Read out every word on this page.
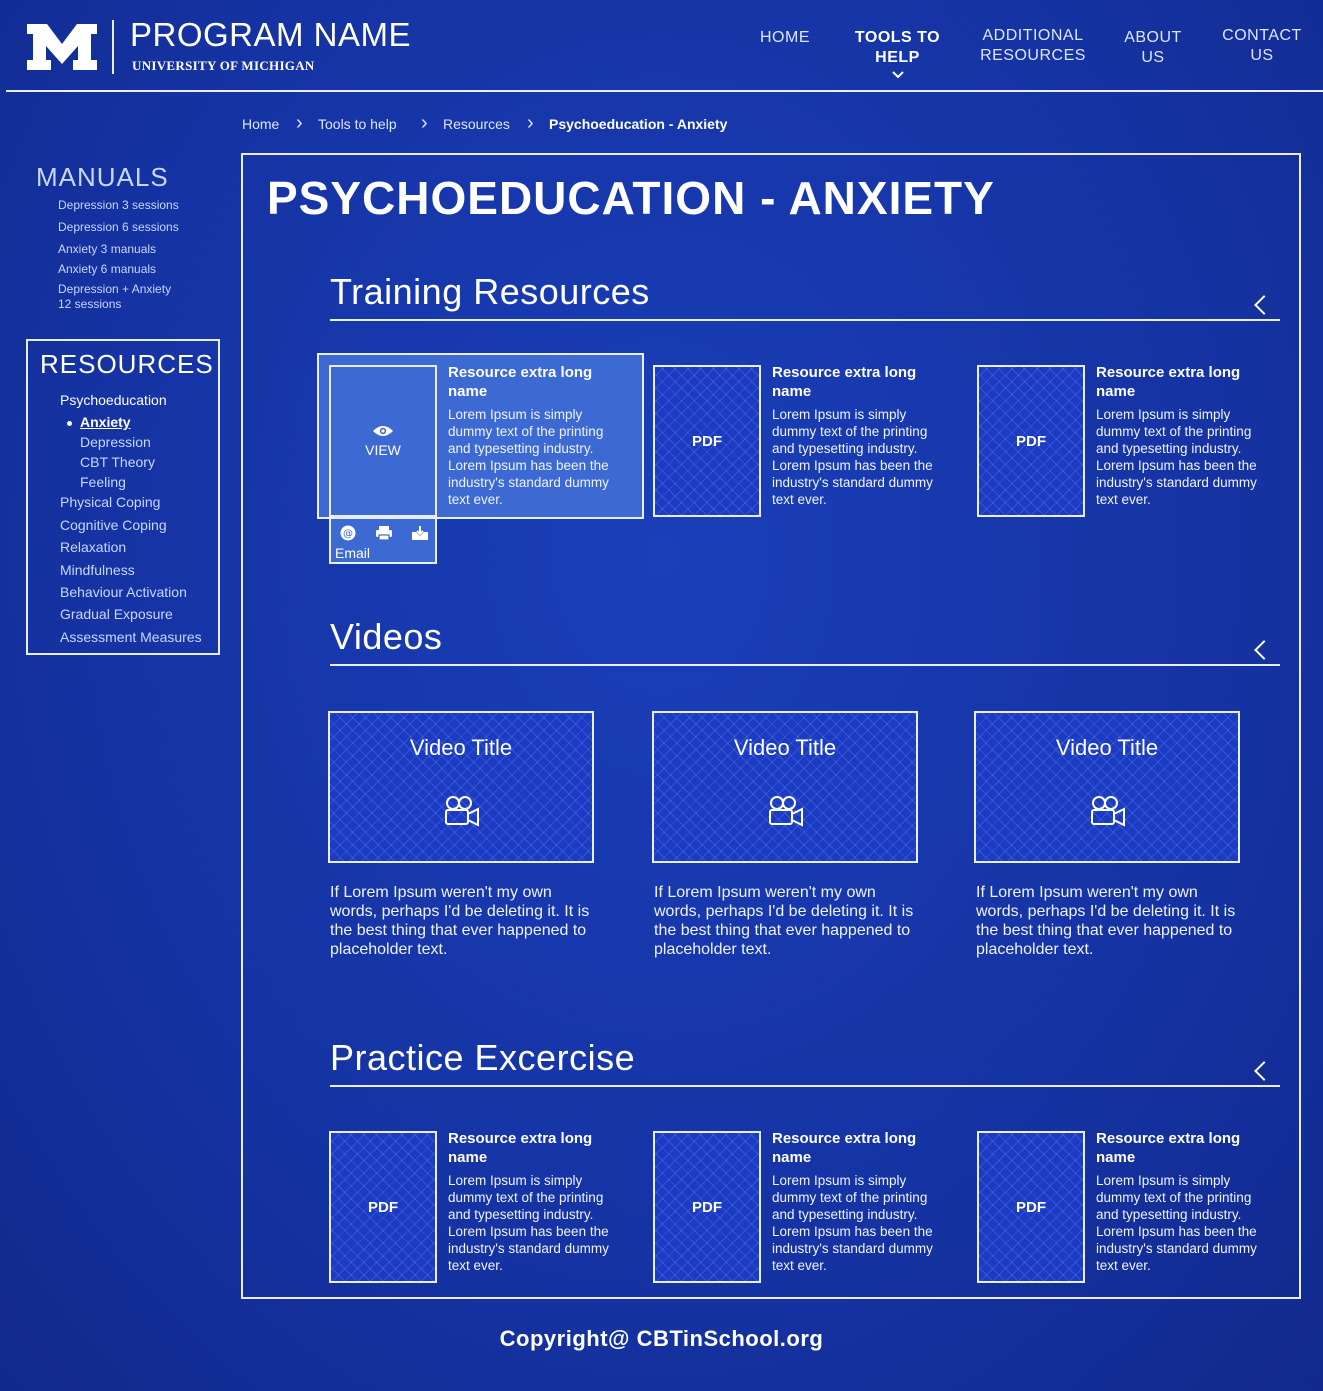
PROGRAM NAME
UNIVERSITY OF MICHIGAN
HOME	TOOLS TO
HELP
ADDITIONAL
RESOURCES
ABOUT
US
CONTACT
US
Home › Tools to help › Resources › Psychoeducation - Anxiety
MANUALS
Depression 3 sessions
Depression 6 sessions
Anxiety 3 manuals
Anxiety 6 manuals
Depression + Anxiety
12 sessions
RESOURCES
Psychoeducation
Anxiety
Depression
CBT Theory
Feeling
Physical Coping
Cognitive Coping
Relaxation
Mindfulness
Behaviour Activation
Gradual Exposure
Assessment Measures
PSYCHOEDUCATION - ANXIETY
Training Resources
VIEW
@
Email
Resource extra long name
Lorem Ipsum is simply dummy text of the printing and typesetting industry. Lorem Ipsum has been the industry's standard dummy text ever.
PDF
Resource extra long name
Lorem Ipsum is simply dummy text of the printing and typesetting industry. Lorem Ipsum has been the industry's standard dummy text ever.
PDF
Resource extra long name
Lorem Ipsum is simply dummy text of the printing and typesetting industry. Lorem Ipsum has been the industry's standard dummy text ever.
Videos
Video Title
If Lorem Ipsum weren't my own words, perhaps I'd be deleting it. It is the best thing that ever happened to placeholder text.
Video Title
If Lorem Ipsum weren't my own words, perhaps I'd be deleting it. It is the best thing that ever happened to placeholder text.
Video Title
If Lorem Ipsum weren't my own words, perhaps I'd be deleting it. It is the best thing that ever happened to placeholder text.
Practice Excercise
PDF
Resource extra long name
Lorem Ipsum is simply dummy text of the printing and typesetting industry. Lorem Ipsum has been the industry's standard dummy text ever.
PDF
Resource extra long name
Lorem Ipsum is simply dummy text of the printing and typesetting industry. Lorem Ipsum has been the industry's standard dummy text ever.
PDF
Resource extra long name
Lorem Ipsum is simply dummy text of the printing and typesetting industry. Lorem Ipsum has been the industry's standard dummy text ever.
Copyright@ CBTinSchool.org
